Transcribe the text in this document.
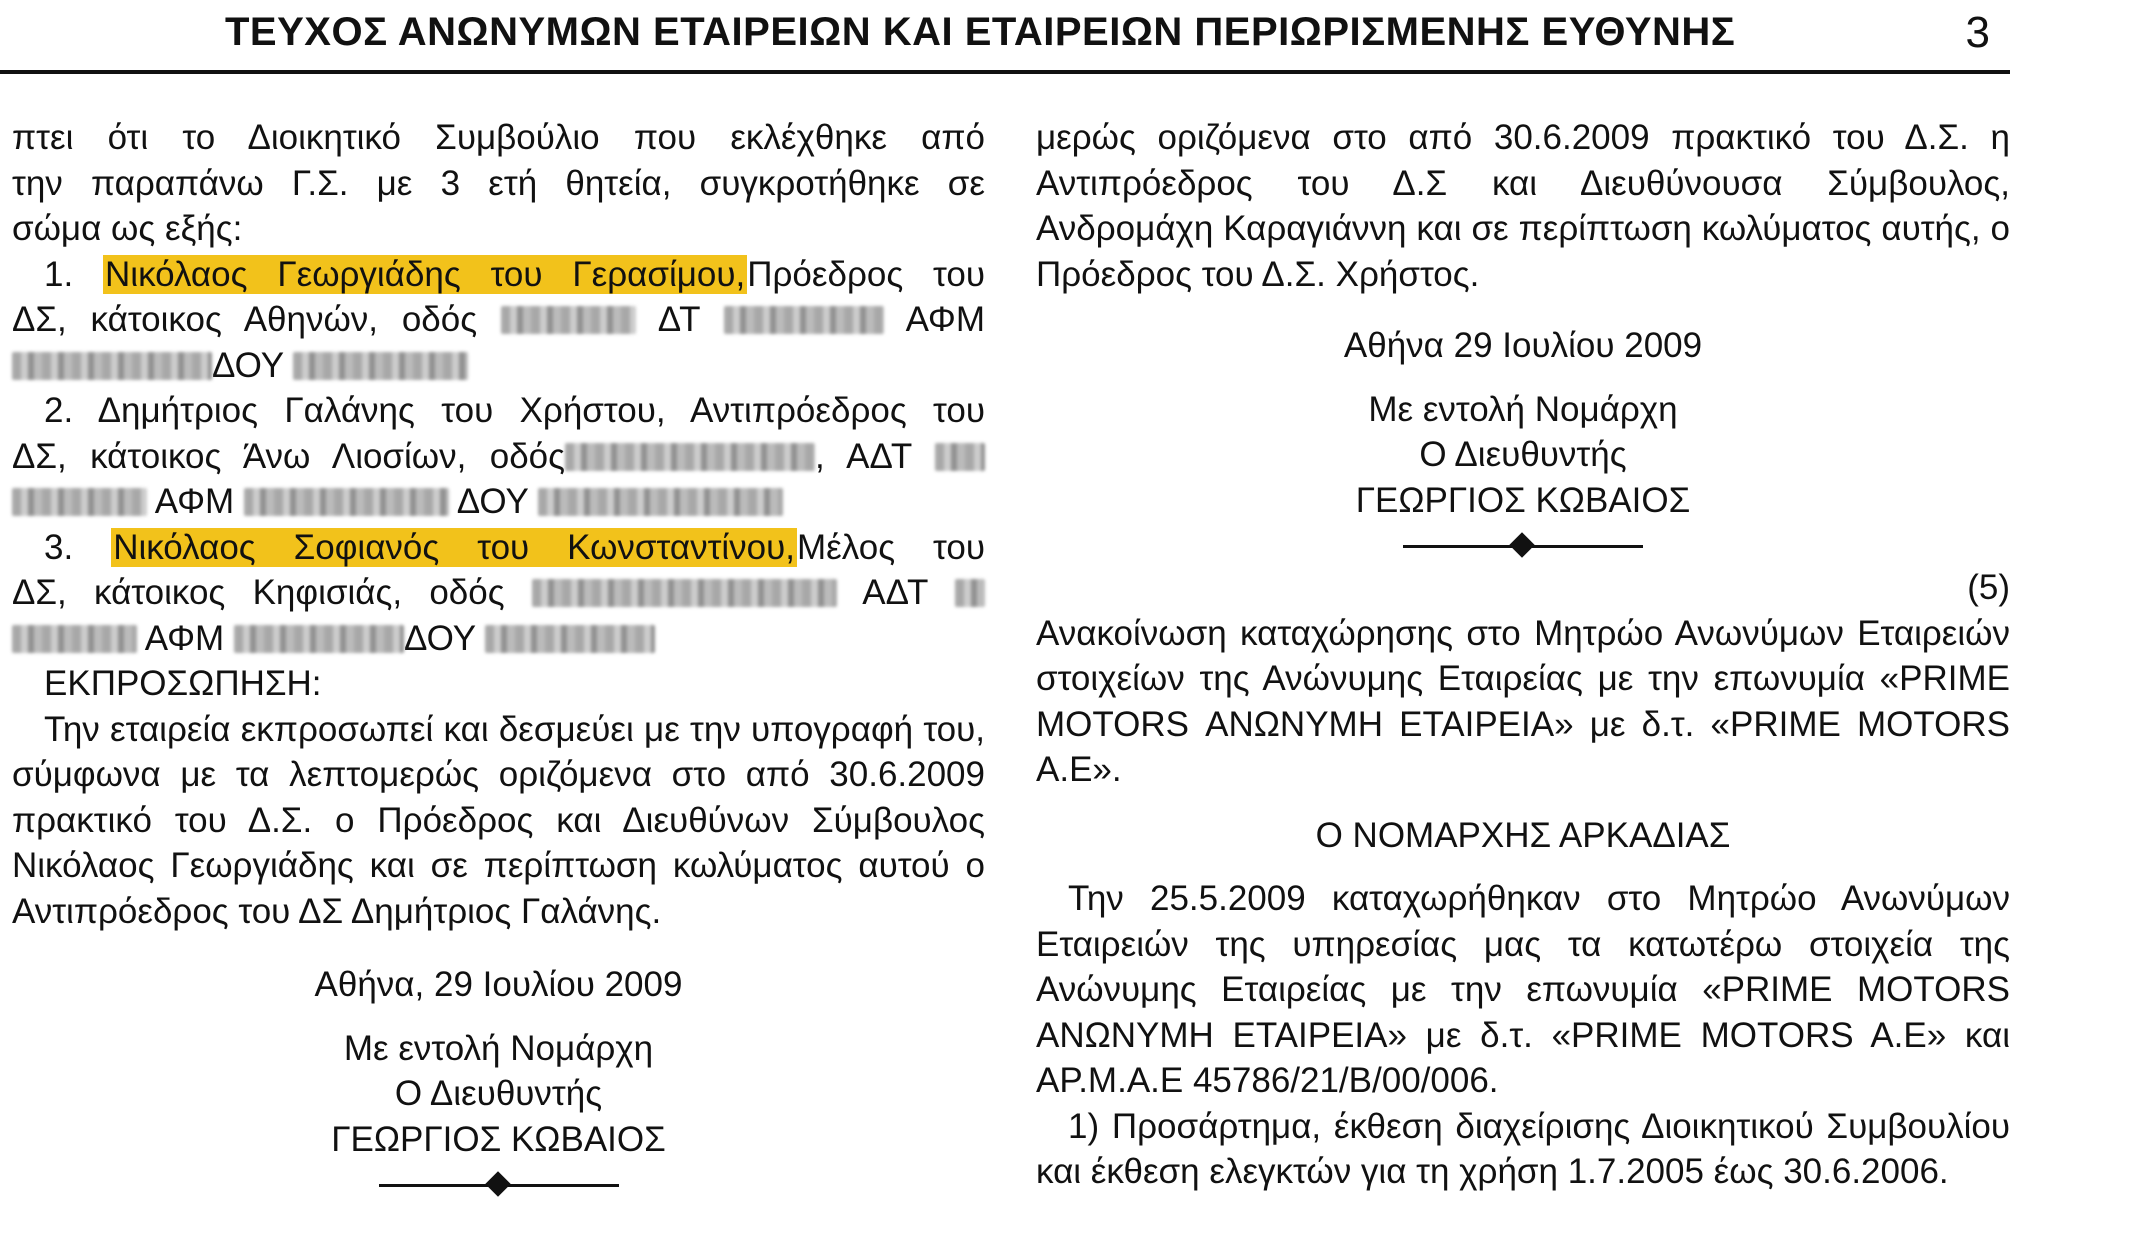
ΤΕΥΧΟΣ ΑΝΩΝΥΜΩΝ ΕΤΑΙΡΕΙΩΝ ΚΑΙ ΕΤΑΙΡΕΙΩΝ ΠΕΡΙΩΡΙΣΜΕΝΗΣ ΕΥΘΥΝΗΣ	3

πτει ότι το Διοικητικό Συμβούλιο που εκλέχθηκε από

την παραπάνω Γ.Σ. με 3 ετή θητεία, συγκροτήθηκε σε

σώμα ως εξής:

1. Νικόλαος Γεωργιάδης του Γερασίμου,Πρόεδρος του

ΔΣ, κάτοικος Αθηνών, οδός	ΔΤ	ΑΦΜ

ΔΟΥ

2. Δημήτριος Γαλάνης του Χρήστου, Αντιπρόεδρος του

ΔΣ, κάτοικος Άνω Λιοσίων, οδός	, ΑΔΤ

ΑΦΜ	ΔΟΥ

3. Νικόλαος Σοφιανός του Κωνσταντίνου,Μέλος του

ΔΣ, κάτοικος Κηφισιάς, οδός	ΑΔΤ

ΑΦΜ	ΔΟΥ

ΕΚΠΡΟΣΩΠΗΣΗ:

Την εταιρεία εκπροσωπεί και δεσμεύει με την υπογραφή του, σύμφωνα με τα λεπτομερώς οριζόμενα στο από 30.6.2009 πρακτικό του Δ.Σ. ο Πρόεδρος και Διευθύνων Σύμβουλος Νικόλαος Γεωργιάδης και σε περίπτωση κωλύματος αυτού ο Αντιπρόεδρος του ΔΣ Δημήτριος Γαλάνης.

Αθήνα, 29 Ιουλίου 2009

Με εντολή Νομάρχη

Ο Διευθυντής

ΓΕΩΡΓΙΟΣ ΚΩΒΑΙΟΣ

μερώς οριζόμενα στο από 30.6.2009 πρακτικό του Δ.Σ. η Αντιπρόεδρος του Δ.Σ και Διευθύνουσα Σύμβουλος, Ανδρομάχη Καραγιάννη και σε περίπτωση κωλύματος αυτής, ο Πρόεδρος του Δ.Σ. Χρήστος.

Αθήνα 29 Ιουλίου 2009

Με εντολή Νομάρχη

Ο Διευθυντής

ΓΕΩΡΓΙΟΣ ΚΩΒΑΙΟΣ

(5)

Ανακοίνωση καταχώρησης στο Μητρώο Ανωνύμων Εταιρειών στοιχείων της Ανώνυμης Εταιρείας με την επωνυμία «PRIME MOTORS ΑΝΩΝΥΜΗ ΕΤΑΙΡΕΙΑ» με δ.τ. «PRIME MOTORS A.E».

Ο ΝΟΜΑΡΧΗΣ ΑΡΚΑΔΙΑΣ

Την 25.5.2009 καταχωρήθηκαν στο Μητρώο Ανωνύμων Εταιρειών της υπηρεσίας μας τα κατωτέρω στοιχεία της Ανώνυμης Εταιρείας με την επωνυμία «PRIME MOTORS ΑΝΩΝΥΜΗ ΕΤΑΙΡΕΙΑ» με δ.τ. «PRIME MOTORS A.E» και ΑΡ.Μ.Α.Ε 45786/21/Β/00/006.

1) Προσάρτημα, έκθεση διαχείρισης Διοικητικού Συμβουλίου και έκθεση ελεγκτών για τη χρήση 1.7.2005 έως 30.6.2006.
